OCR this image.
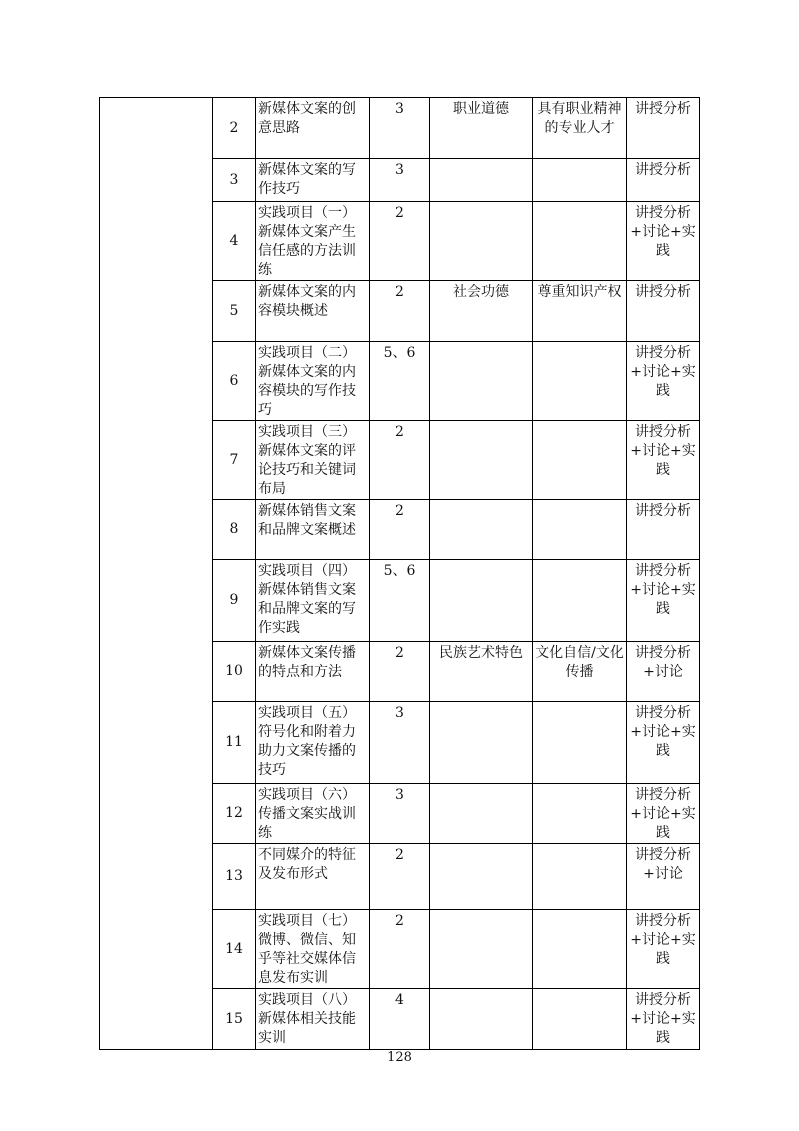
	2	新媒体文案的创意思路	3	职业道德	具有职业精神的专业人才	讲授分析
	3	新媒体文案的写作技巧	3			讲授分析
	4	实践项目（一）新媒体文案产生信任感的方法训练	2			讲授分析+讨论+实践
	5	新媒体文案的内容模块概述	2	社会功德	尊重知识产权	讲授分析
	6	实践项目（二）新媒体文案的内容模块的写作技巧	5、6			讲授分析+讨论+实践
	7	实践项目（三）新媒体文案的评论技巧和关键词布局	2			讲授分析+讨论+实践
	8	新媒体销售文案和品牌文案概述	2			讲授分析
	9	实践项目（四）新媒体销售文案和品牌文案的写作实践	5、6			讲授分析+讨论+实践
	10	新媒体文案传播的特点和方法	2	民族艺术特色	文化自信/文化传播	讲授分析+讨论
	11	实践项目（五）符号化和附着力助力文案传播的技巧	3			讲授分析+讨论+实践
	12	实践项目（六）传播文案实战训练	3			讲授分析+讨论+实践
	13	不同媒介的特征及发布形式	2			讲授分析+讨论
	14	实践项目（七）微博、微信、知乎等社交媒体信息发布实训	2			讲授分析+讨论+实践
	15	实践项目（八）新媒体相关技能实训	4			讲授分析+讨论+实践
128
